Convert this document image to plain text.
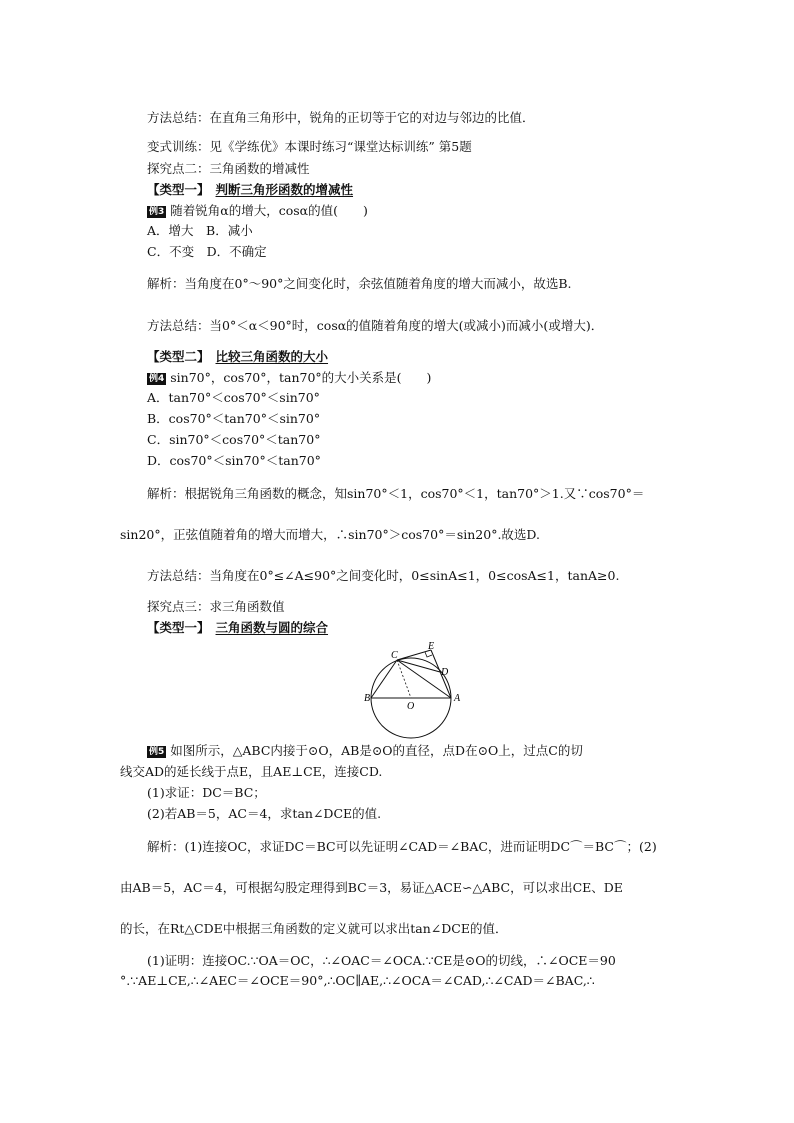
方法总结：在直角三角形中，锐角的正切等于它的对边与邻边的比值．
变式训练：见《学练优》本课时练习“课堂达标训练” 第5题
探究点二：三角函数的增减性
【类型一】 判断三角形函数的增减性
例3 随着锐角α的增大，cosα的值(　　)
A．增大　B．减小
C．不变　D．不确定
解析：当角度在0°～90°之间变化时，余弦值随着角度的增大而减小，故选B.
方法总结：当0°＜α＜90°时，cosα的值随着角度的增大(或减小)而减小(或增大)．
【类型二】 比较三角函数的大小
例4 sin70°，cos70°，tan70°的大小关系是(　　)
A．tan70°＜cos70°＜sin70°
B．cos70°＜tan70°＜sin70°
C．sin70°＜cos70°＜tan70°
D．cos70°＜sin70°＜tan70°
解析：根据锐角三角函数的概念，知sin70°＜1，cos70°＜1，tan70°＞1.又∵cos70°＝
sin20°，正弦值随着角的增大而增大，∴sin70°＞cos70°＝sin20°.故选D.
方法总结：当角度在0°≤∠A≤90°之间变化时，0≤sinA≤1，0≤cosA≤1，tanA≥0.
探究点三：求三角函数值
【类型一】 三角函数与圆的综合
C
E
D
B
O
A
例5 如图所示，△ABC内接于⊙O，AB是⊙O的直径，点D在⊙O上，过点C的切
线交AD的延长线于点E，且AE⊥CE，连接CD.
(1)求证：DC＝BC；
(2)若AB＝5，AC＝4，求tan∠DCE的值.
解析：(1)连接OC，求证DC＝BC可以先证明∠CAD＝∠BAC，进而证明DC⌒＝BC⌒；(2)
由AB＝5，AC＝4，可根据勾股定理得到BC＝3，易证△ACE∽△ABC，可以求出CE、DE
的长，在Rt△CDE中根据三角函数的定义就可以求出tan∠DCE的值．
(1)证明：连接OC.∵OA＝OC，∴∠OAC＝∠OCA.∵CE是⊙O的切线，∴∠OCE＝90
°.∵AE⊥CE,∴∠AEC＝∠OCE＝90°,∴OC∥AE,∴∠OCA＝∠CAD,∴∠CAD＝∠BAC,∴
